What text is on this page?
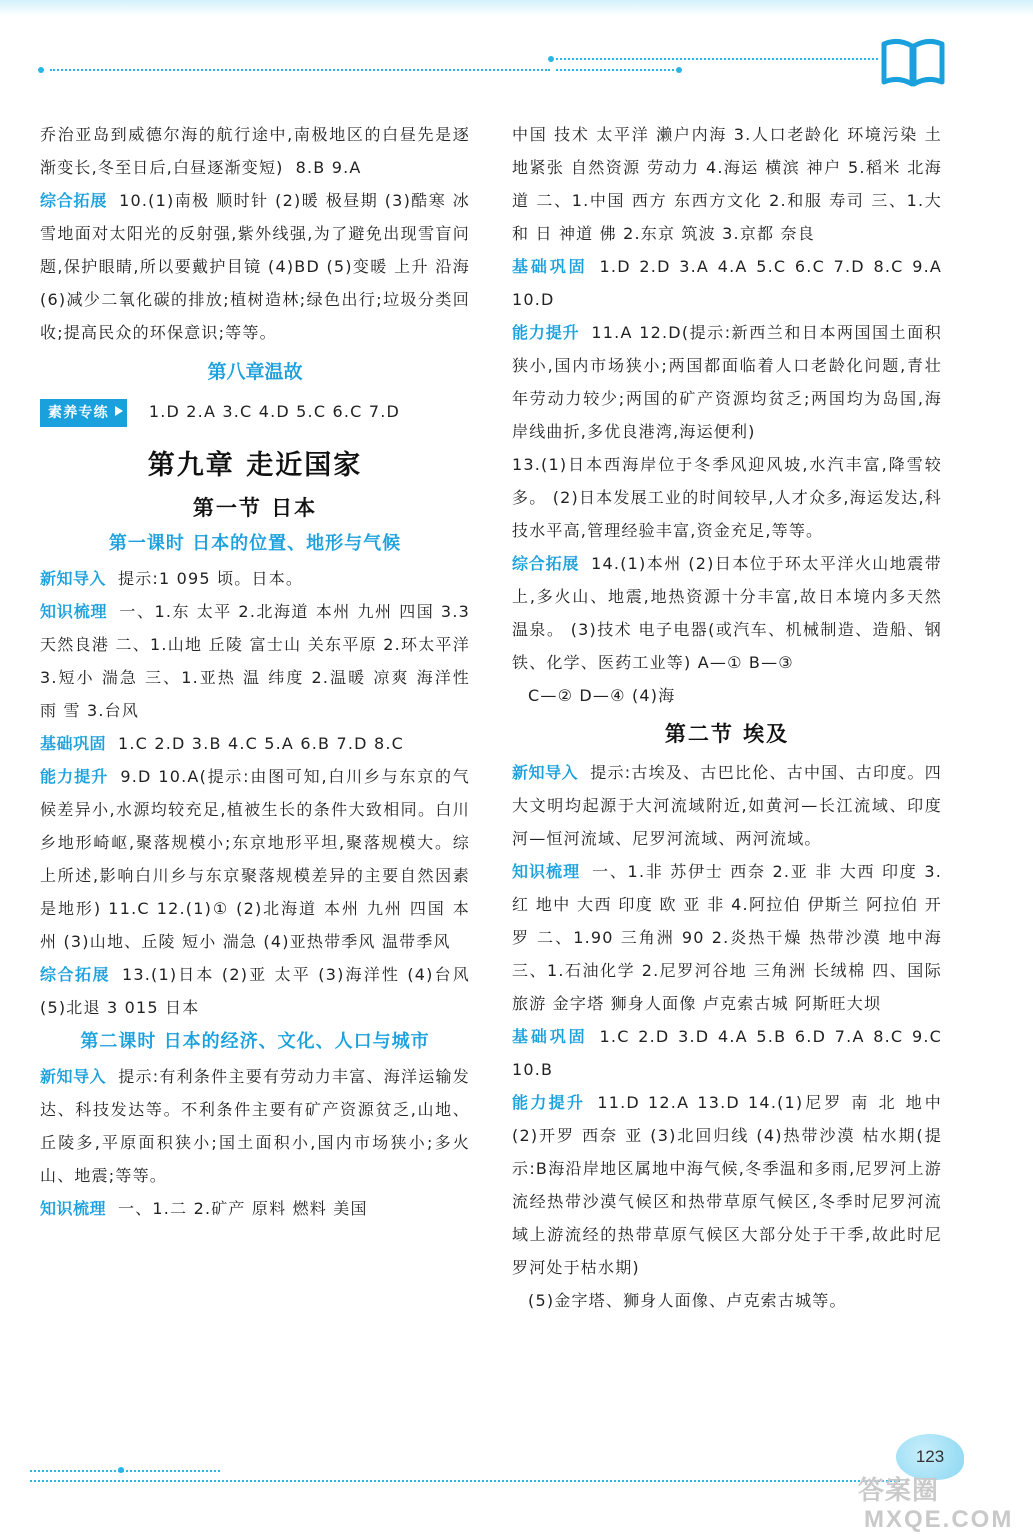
乔治亚岛到威德尔海的航行途中,南极地区的白昼先是逐渐变长,冬至日后,白昼逐渐变短) 8.B 9.A

综合拓展 10.(1)南极 顺时针 (2)暖 极昼期 (3)酷寒 冰雪地面对太阳光的反射强,紫外线强,为了避免出现雪盲问题,保护眼睛,所以要戴护目镜 (4)BD (5)变暖 上升 沿海 (6)减少二氧化碳的排放;植树造林;绿色出行;垃圾分类回收;提高民众的环保意识;等等。

第八章温故

素养专练	1.D 2.A 3.C 4.D 5.C 6.C 7.D

第九章 走近国家
第一节 日本
第一课时 日本的位置、地形与气候

新知导入 提示:1 095 顷。日本。

知识梳理 一、1.东 太平 2.北海道 本州 九州 四国 3.3 天然良港 二、1.山地 丘陵 富士山 关东平原 2.环太平洋 3.短小 湍急 三、1.亚热 温 纬度 2.温暖 凉爽 海洋性 雨 雪 3.台风

基础巩固 1.C 2.D 3.B 4.C 5.A 6.B 7.D 8.C

能力提升 9.D 10.A(提示:由图可知,白川乡与东京的气候差异小,水源均较充足,植被生长的条件大致相同。白川乡地形崎岖,聚落规模小;东京地形平坦,聚落规模大。综上所述,影响白川乡与东京聚落规模差异的主要自然因素是地形) 11.C 12.(1)① (2)北海道 本州 九州 四国 本州 (3)山地、丘陵 短小 湍急 (4)亚热带季风 温带季风

综合拓展 13.(1)日本 (2)亚 太平 (3)海洋性 (4)台风 (5)北退 3 015 日本

第二课时 日本的经济、文化、人口与城市

新知导入 提示:有利条件主要有劳动力丰富、海洋运输发达、科技发达等。不利条件主要有矿产资源贫乏,山地、丘陵多,平原面积狭小;国土面积小,国内市场狭小;多火山、地震;等等。

知识梳理 一、1.二 2.矿产 原料 燃料 美国

中国 技术 太平洋 濑户内海 3.人口老龄化 环境污染 土地紧张 自然资源 劳动力 4.海运 横滨 神户 5.稻米 北海道 二、1.中国 西方 东西方文化 2.和服 寿司 三、1.大和 日 神道 佛 2.东京 筑波 3.京都 奈良

基础巩固 1.D 2.D 3.A 4.A 5.C 6.C 7.D 8.C 9.A 10.D

能力提升 11.A 12.D(提示:新西兰和日本两国国土面积狭小,国内市场狭小;两国都面临着人口老龄化问题,青壮年劳动力较少;两国的矿产资源均贫乏;两国均为岛国,海岸线曲折,多优良港湾,海运便利)

13.(1)日本西海岸位于冬季风迎风坡,水汽丰富,降雪较多。 (2)日本发展工业的时间较早,人才众多,海运发达,科技水平高,管理经验丰富,资金充足,等等。

综合拓展 14.(1)本州 (2)日本位于环太平洋火山地震带上,多火山、地震,地热资源十分丰富,故日本境内多天然温泉。 (3)技术 电子电器(或汽车、机械制造、造船、钢铁、化学、医药工业等) A—① B—③

C—② D—④ (4)海

第二节 埃及

新知导入 提示:古埃及、古巴比伦、古中国、古印度。四大文明均起源于大河流域附近,如黄河—长江流域、印度河—恒河流域、尼罗河流域、两河流域。

知识梳理 一、1.非 苏伊士 西奈 2.亚 非 大西 印度 3.红 地中 大西 印度 欧 亚 非 4.阿拉伯 伊斯兰 阿拉伯 开罗 二、1.90 三角洲 90 2.炎热干燥 热带沙漠 地中海 三、1.石油化学 2.尼罗河谷地 三角洲 长绒棉 四、国际旅游 金字塔 狮身人面像 卢克索古城 阿斯旺大坝

基础巩固 1.C 2.D 3.D 4.A 5.B 6.D 7.A 8.C 9.C 10.B

能力提升 11.D 12.A 13.D 14.(1)尼罗 南 北 地中 (2)开罗 西奈 亚 (3)北回归线 (4)热带沙漠 枯水期(提示:B海沿岸地区属地中海气候,冬季温和多雨,尼罗河上游流经热带沙漠气候区和热带草原气候区,冬季时尼罗河流域上游流经的热带草原气候区大部分处于干季,故此时尼罗河处于枯水期)

(5)金字塔、狮身人面像、卢克索古城等。

123
答案圈
MXQE.COM
